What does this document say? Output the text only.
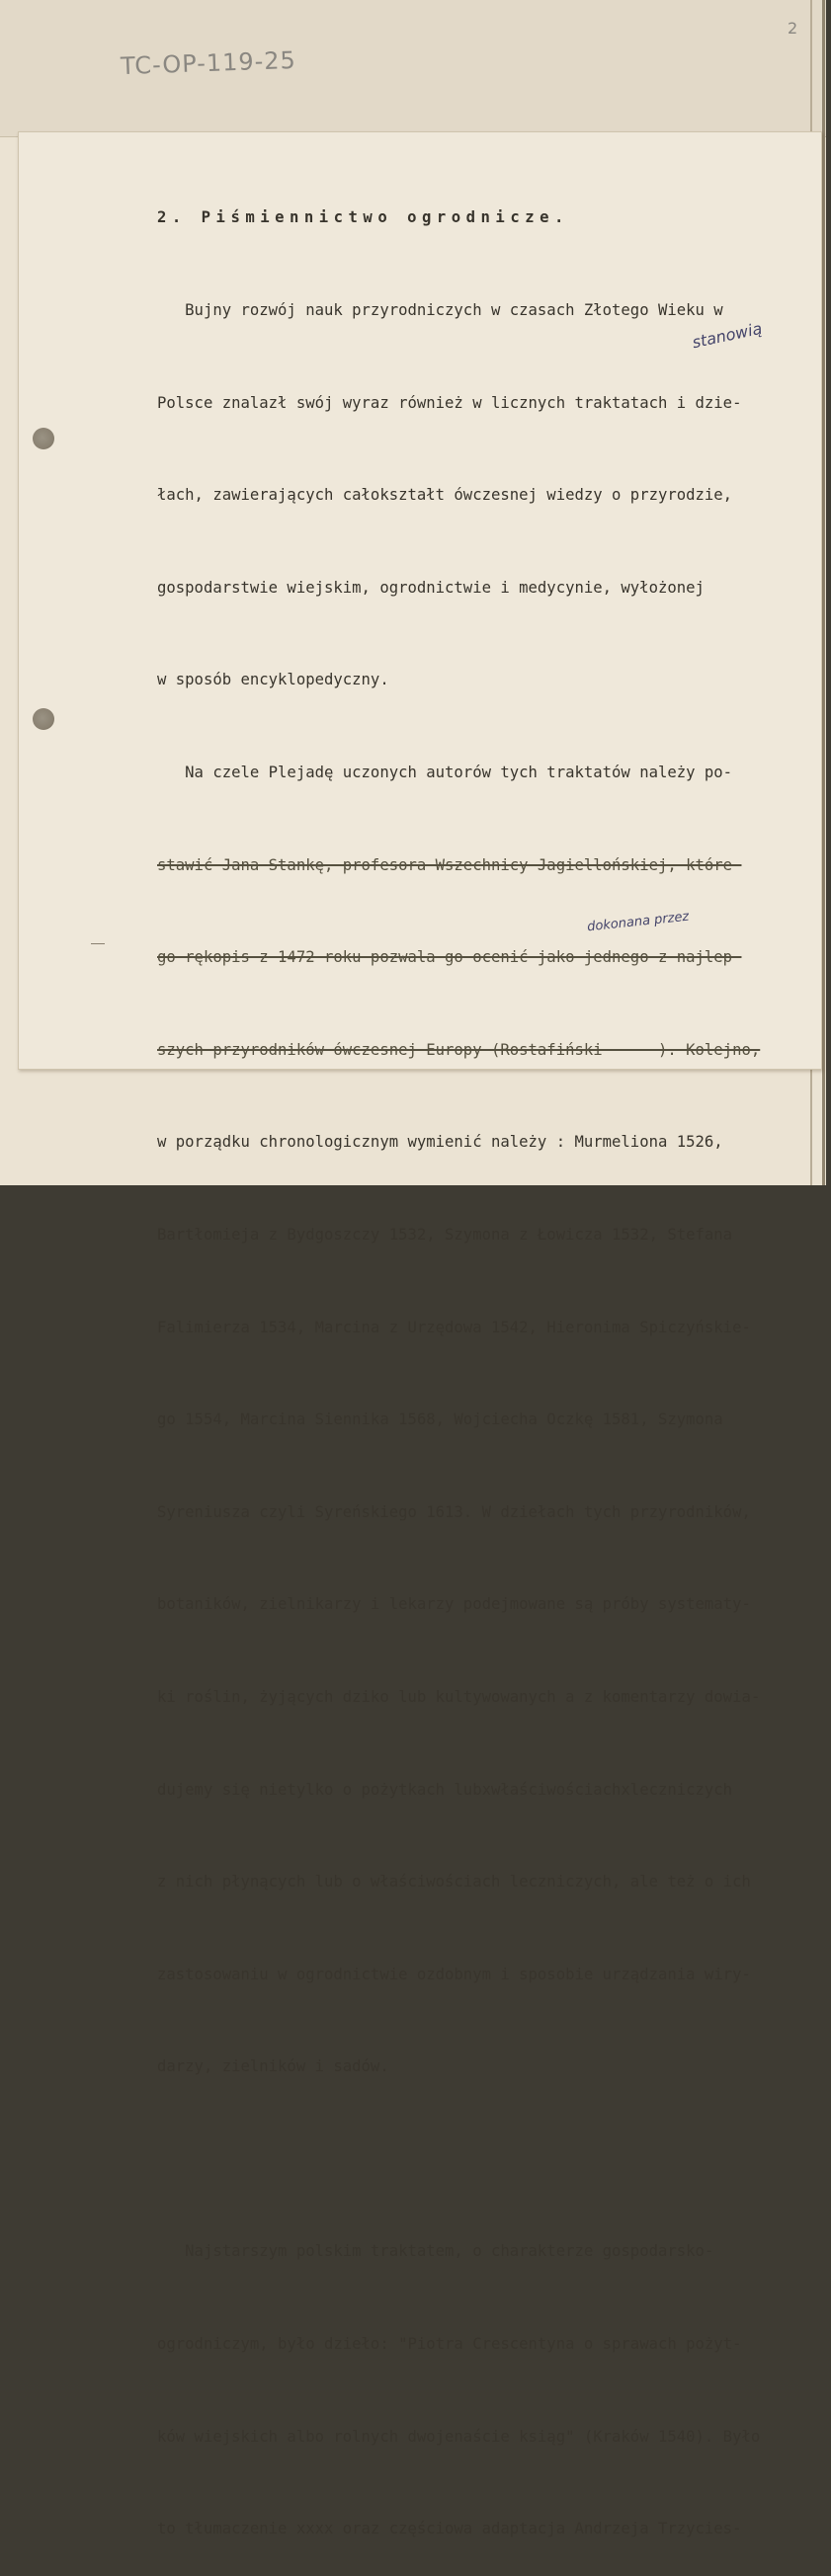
2
TC-OP-119-25
stanowią
dokonana przez

2. Piśmiennictwo ogrodnicze.

Bujny rozwój nauk przyrodniczych w czasach Złotego Wieku w

Polsce znalazł swój wyraz również w licznych traktatach i dzie-

łach, zawierających całokształt ówczesnej wiedzy o przyrodzie,

gospodarstwie wiejskim, ogrodnictwie i medycynie, wyłożonej

w sposób encyklopedyczny.

Na czele Plejadę uczonych autorów tych traktatów należy po-

stawić Jana Stankę, profesora Wszechnicy Jagiellońskiej, które-

go rękopis z 1472 roku pozwala go ocenić jako jednego z najlep-

szych przyrodników ówczesnej Europy (Rostafiński      ). Kolejno,

w porządku chronologicznym wymienić należy : Murmeliona 1526,

Bartłomieja z Bydgoszczy 1532, Szymona z Łowicza 1532, Stefana

Falimierza 1534, Marcina z Urzędowa 1542, Hieronima Spiczyńskie-

go 1554, Marcina Siennika 1568, Wojciecha Oczkę 1581, Szymona

Syreniusza czyli Syreńskiego 1613. W dziełach tych przyrodników,

botaników, zielnikarzy i lekarzy podejmowane są próby systematy-

ki roślin, żyjących dziko lub kultywowanych a z komentarzy dowia-

dujemy się nietylko o pożytkach lubxwłaściwościachxleczniczych

z nich płynących lub o właściwościach leczniczych, ale też o ich

zastosowaniu w ogrodnictwie ozdobnym i sposobie urządzania wiry-

darzy, zielników i sadów.

Najstarszym polskim traktatem, o charakterze gospodarsko-

ogrodniczym, było dzieło: "Piotra Crescentyna o sprawach pożyt-

ków wiejskich albo rolnych dwojenaście ksiąg" (Kraków 1540). Było

to tłumaczenie xxxx oraz częściowa adaptacja Andrzeja Trzycies-
